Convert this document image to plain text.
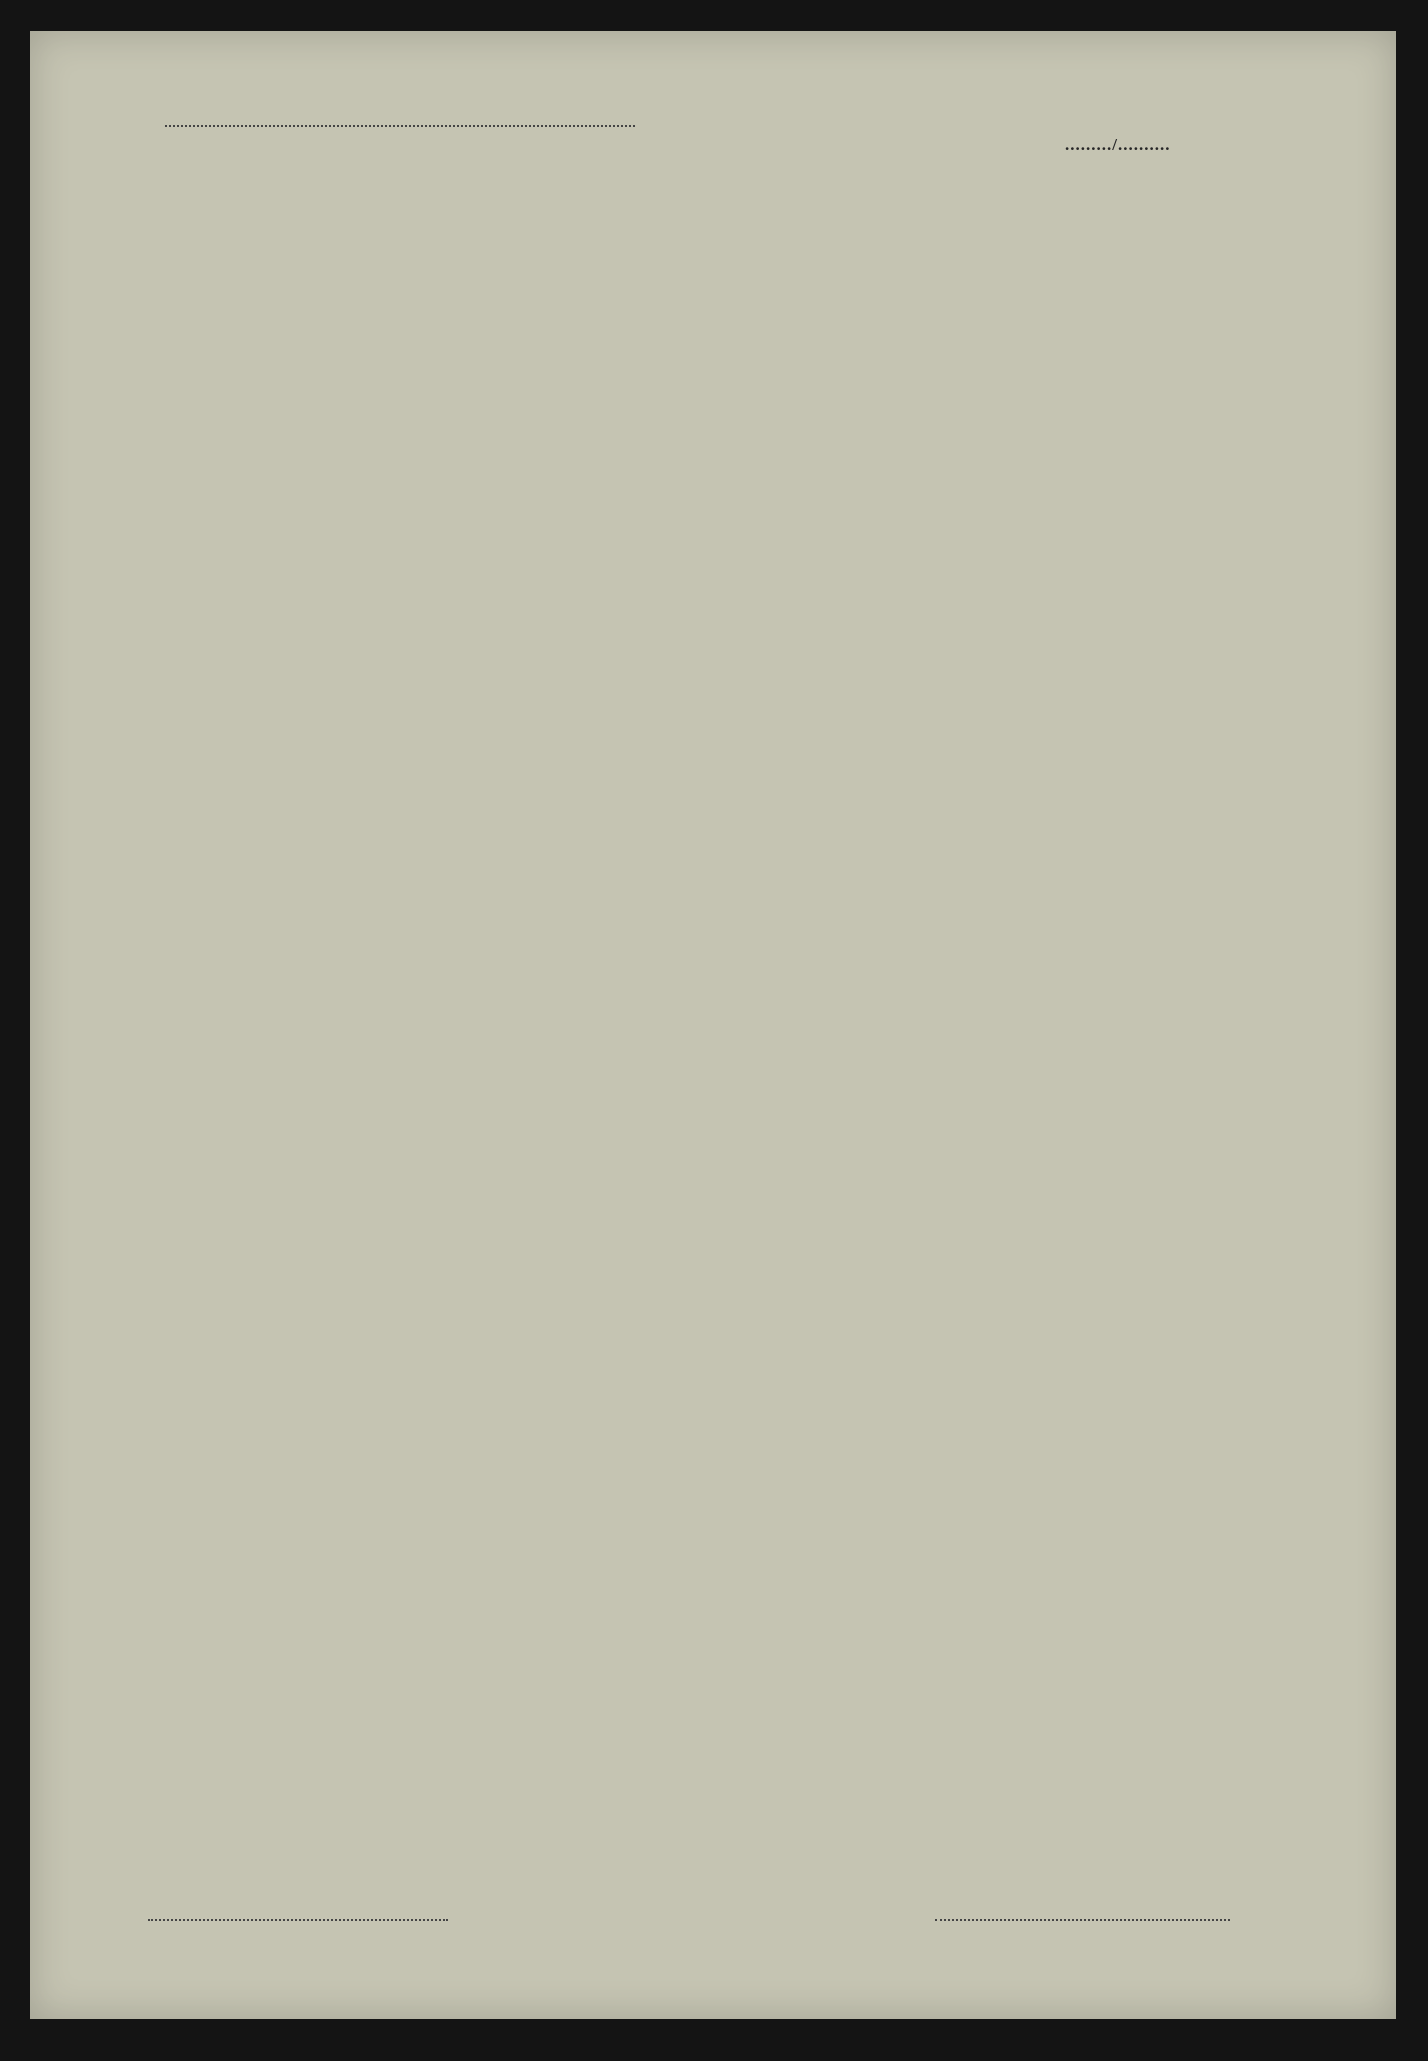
........./..........
